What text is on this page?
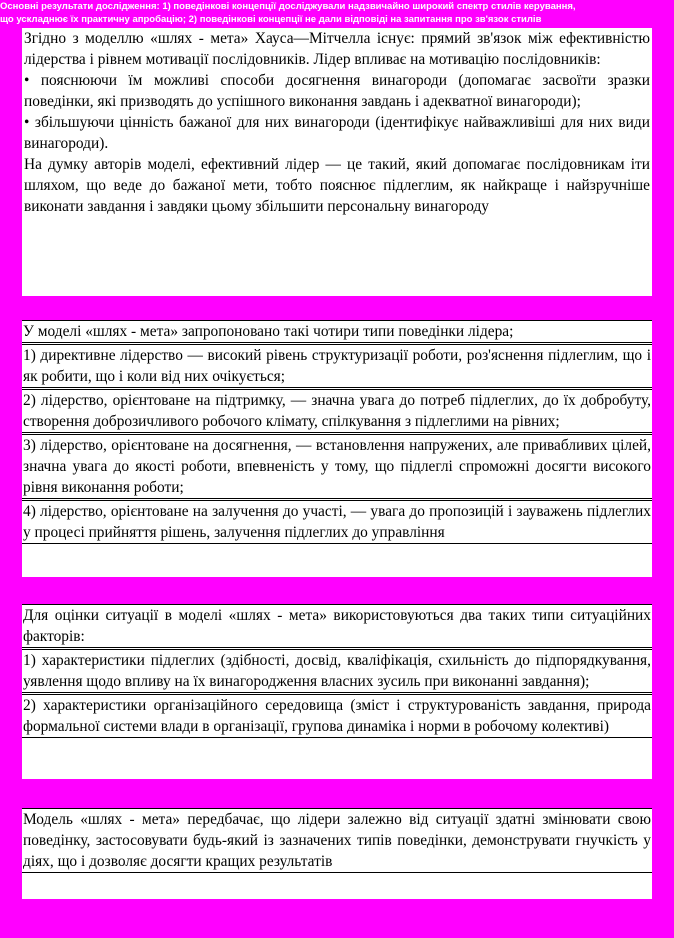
Основні результати дослідження: 1) поведінкові концепції досліджували надзвичайно широкий спектр стилів керування,
що ускладнює їх практичну апробацію; 2) поведінкові концепції не дали відповіді на запитання про зв'язок стилів

Згідно з моделлю «шлях - мета» Хауса—Мітчелла існує: прямий зв'язок між ефективністю лідерства і рівнем мотивації послідовників. Лідер впливає на мотивацію послідовників:

• пояснюючи їм можливі способи досягнення винагороди (допомагає засвоїти зразки поведінки, які призводять до успішного виконання завдань і адекватної винагороди);

• збільшуючи цінність бажаної для них винагороди (ідентифікує найважливіші для них види винагороди).

На думку авторів моделі, ефективний лідер — це такий, який допомагає послідовникам іти шляхом, що веде до бажаної мети, тобто пояснює підлеглим, як найкраще і найзручніше виконати завдання і завдяки цьому збільшити персональну винагороду

У моделі «шлях - мета» запропоновано такі чотири типи поведінки лідера;
1) директивне лідерство — високий рівень структуризації роботи, роз'яснення підлеглим, що і як робити, що і коли від них очікується;
2) лідерство, орієнтоване на підтримку, — значна увага до потреб підлеглих, до їх добробуту, створення доброзичливого робочого клімату, спілкування з підлеглими на рівних;
3) лідерство, орієнтоване на досягнення, — встановлення напружених, але привабливих цілей, значна увага до якості роботи, впевненість у тому, що підлеглі спроможні досягти високого рівня виконання роботи;
4) лідерство, орієнтоване на залучення до участі, — увага до пропозицій і зауважень підлеглих у процесі прийняття рішень, залучення підлеглих до управління
Для оцінки ситуації в моделі «шлях - мета» використовуються два таких типи ситуаційних факторів:
1) характеристики підлеглих (здібності, досвід, кваліфікація, схильність до підпорядкування, уявлення щодо впливу на їх винагородження власних зусиль при виконанні завдання);
2) характеристики організаційного середовища (зміст і структурованість завдання, природа формальної системи влади в організації, групова динаміка і норми в робочому колективі)
Модель «шлях - мета» передбачає, що лідери залежно від ситуації здатні змінювати свою поведінку, застосовувати будь-який із зазначених типів поведінки, демонструвати гнучкість у діях, що і дозволяє досягти кращих результатів
